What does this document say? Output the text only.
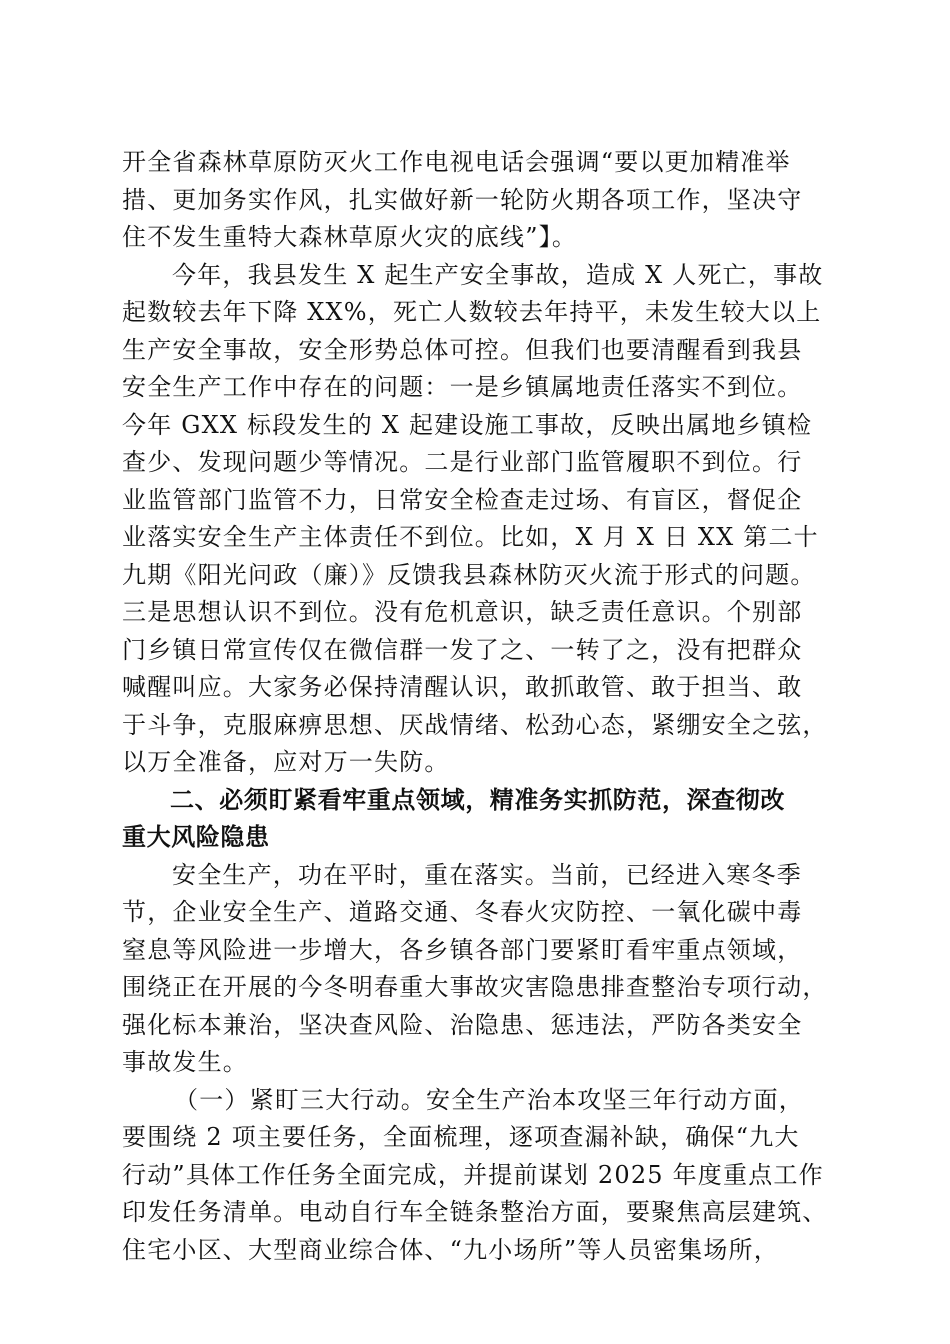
开全省森林草原防灭火工作电视电话会强调“要以更加精准举
措、更加务实作风，扎实做好新一轮防火期各项工作，坚决守
住不发生重特大森林草原火灾的底线”】。
今年，我县发生 X 起生产安全事故，造成 X 人死亡，事故
起数较去年下降 XX%，死亡人数较去年持平，未发生较大以上
生产安全事故，安全形势总体可控。但我们也要清醒看到我县
安全生产工作中存在的问题：一是乡镇属地责任落实不到位。
今年 GXX 标段发生的 X 起建设施工事故，反映出属地乡镇检
查少、发现问题少等情况。二是行业部门监管履职不到位。行
业监管部门监管不力，日常安全检查走过场、有盲区，督促企
业落实安全生产主体责任不到位。比如，X 月 X 日 XX 第二十
九期《阳光问政（廉）》反馈我县森林防灭火流于形式的问题。
三是思想认识不到位。没有危机意识，缺乏责任意识。个别部
门乡镇日常宣传仅在微信群一发了之、一转了之，没有把群众
喊醒叫应。大家务必保持清醒认识，敢抓敢管、敢于担当、敢
于斗争，克服麻痹思想、厌战情绪、松劲心态，紧绷安全之弦，
以万全准备，应对万一失防。
二、必须盯紧看牢重点领域，精准务实抓防范，深查彻改
重大风险隐患
安全生产，功在平时，重在落实。当前，已经进入寒冬季
节，企业安全生产、道路交通、冬春火灾防控、一氧化碳中毒
窒息等风险进一步增大，各乡镇各部门要紧盯看牢重点领域，
围绕正在开展的今冬明春重大事故灾害隐患排查整治专项行动，
强化标本兼治，坚决查风险、治隐患、惩违法，严防各类安全
事故发生。
（一）紧盯三大行动。安全生产治本攻坚三年行动方面，
要围绕 2 项主要任务，全面梳理，逐项查漏补缺，确保“九大
行动”具体工作任务全面完成，并提前谋划 2025 年度重点工作
印发任务清单。电动自行车全链条整治方面，要聚焦高层建筑、
住宅小区、大型商业综合体、“九小场所”等人员密集场所，
